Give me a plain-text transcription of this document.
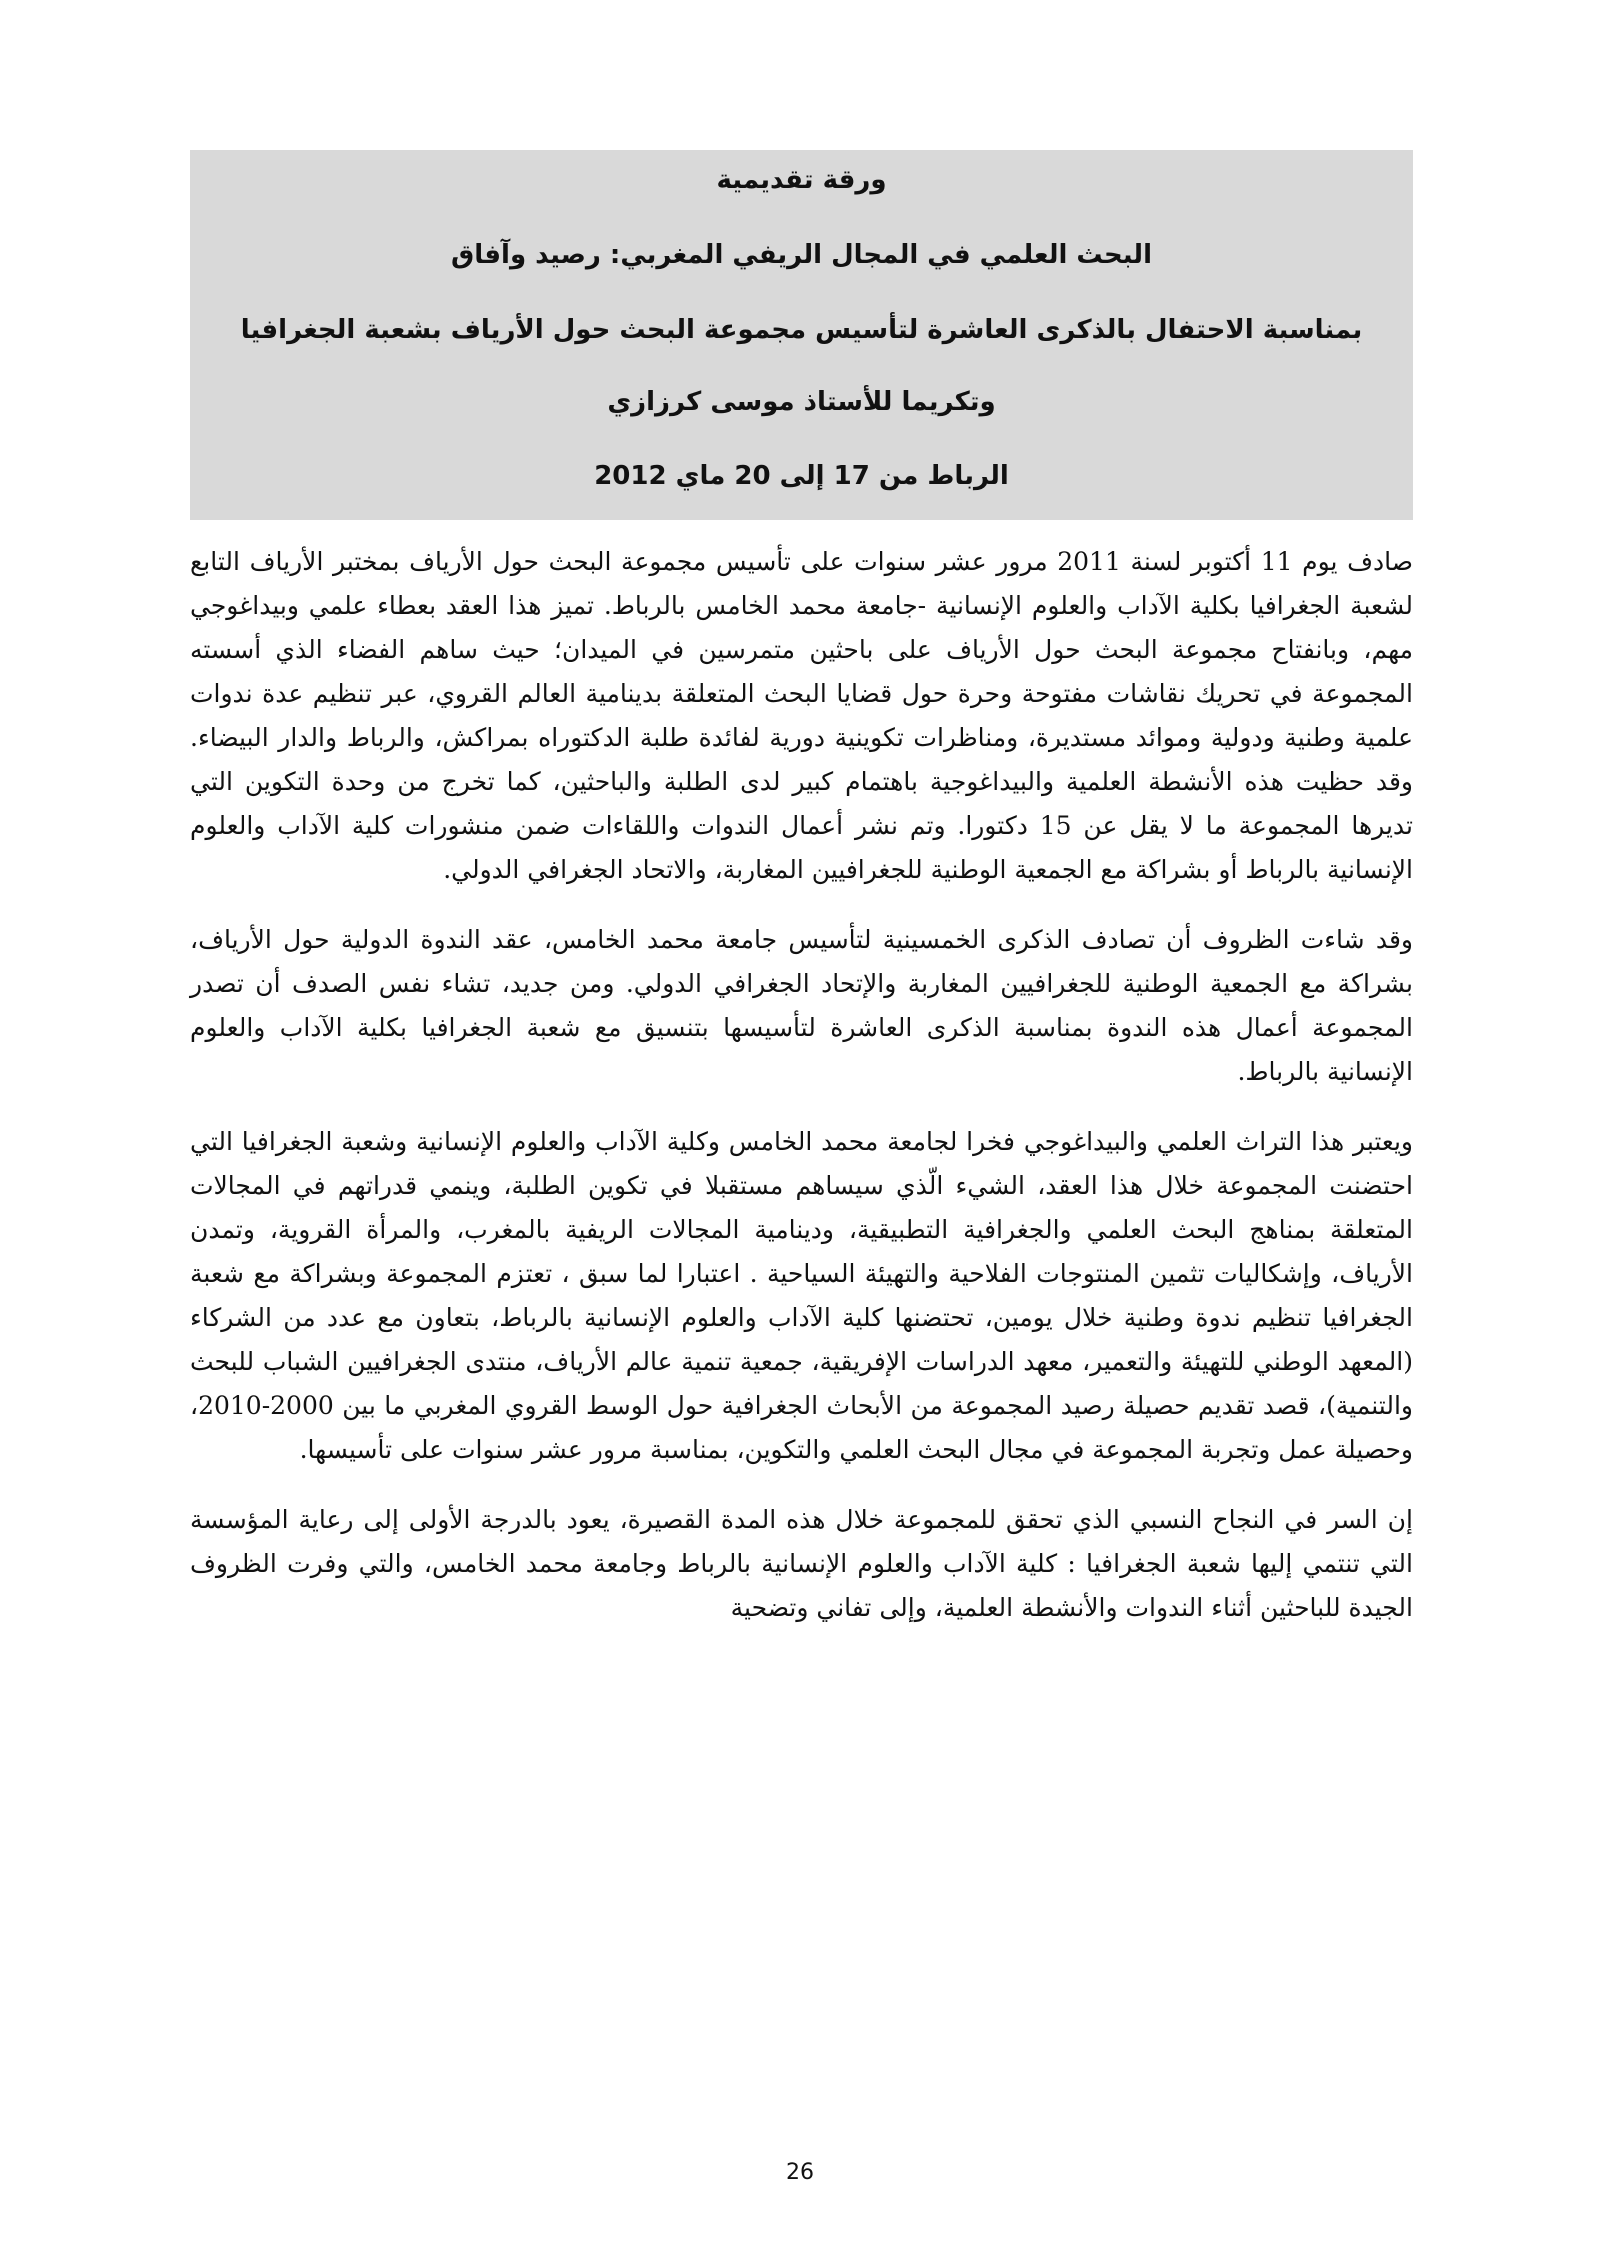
ورقة تقديمية
البحث العلمي في المجال الريفي المغربي: رصيد وآفاق
بمناسبة الاحتفال بالذكرى العاشرة لتأسيس مجموعة البحث حول الأرياف بشعبة الجغرافيا
وتكريما للأستاذ موسى كرزازي
الرباط من 17 إلى 20 ماي 2012

صادف يوم 11 أكتوبر لسنة 2011 مرور عشر سنوات على تأسيس مجموعة البحث حول الأرياف بمختبر الأرياف التابع لشعبة الجغرافيا بكلية الآداب والعلوم الإنسانية -جامعة محمد الخامس بالرباط. تميز هذا العقد بعطاء علمي وبيداغوجي مهم، وبانفتاح مجموعة البحث حول الأرياف على باحثين متمرسين في الميدان؛ حيث ساهم الفضاء الذي أسسته المجموعة في تحريك نقاشات مفتوحة وحرة حول قضايا البحث المتعلقة بدينامية العالم القروي، عبر تنظيم عدة ندوات علمية وطنية ودولية وموائد مستديرة، ومناظرات تكوينية دورية لفائدة طلبة الدكتوراه بمراكش، والرباط والدار البيضاء. وقد حظيت هذه الأنشطة العلمية والبيداغوجية باهتمام كبير لدى الطلبة والباحثين، كما تخرج من وحدة التكوين التي تديرها المجموعة ما لا يقل عن 15 دكتورا. وتم نشر أعمال الندوات واللقاءات ضمن منشورات كلية الآداب والعلوم الإنسانية بالرباط أو بشراكة مع الجمعية الوطنية للجغرافيين المغاربة، والاتحاد الجغرافي الدولي.

وقد شاءت الظروف أن تصادف الذكرى الخمسينية لتأسيس جامعة محمد الخامس، عقد الندوة الدولية حول الأرياف، بشراكة مع الجمعية الوطنية للجغرافيين المغاربة والإتحاد الجغرافي الدولي. ومن جديد، تشاء نفس الصدف أن تصدر المجموعة أعمال هذه الندوة بمناسبة الذكرى العاشرة لتأسيسها بتنسيق مع شعبة الجغرافيا بكلية الآداب والعلوم الإنسانية بالرباط.

ويعتبر هذا التراث العلمي والبيداغوجي فخرا لجامعة محمد الخامس وكلية الآداب والعلوم الإنسانية وشعبة الجغرافيا التي احتضنت المجموعة خلال هذا العقد، الشيء الّذي سيساهم مستقبلا في تكوين الطلبة، وينمي قدراتهم في المجالات المتعلقة بمناهج البحث العلمي والجغرافية التطبيقية، ودينامية المجالات الريفية بالمغرب، والمرأة القروية، وتمدن الأرياف، وإشكاليات تثمين المنتوجات الفلاحية والتهيئة السياحية . اعتبارا لما سبق ، تعتزم المجموعة وبشراكة مع شعبة الجغرافيا تنظيم ندوة وطنية خلال يومين، تحتضنها كلية الآداب والعلوم الإنسانية بالرباط، بتعاون مع عدد من الشركاء (المعهد الوطني للتهيئة والتعمير، معهد الدراسات الإفريقية، جمعية تنمية عالم الأرياف، منتدى الجغرافيين الشباب للبحث والتنمية)، قصد تقديم حصيلة رصيد المجموعة من الأبحاث الجغرافية حول الوسط القروي المغربي ما بين 2000-2010، وحصيلة عمل وتجربة المجموعة في مجال البحث العلمي والتكوين، بمناسبة مرور عشر سنوات على تأسيسها.

إن السر في النجاح النسبي الذي تحقق للمجموعة خلال هذه المدة القصيرة، يعود بالدرجة الأولى إلى رعاية المؤسسة التي تنتمي إليها شعبة الجغرافيا : كلية الآداب والعلوم الإنسانية بالرباط وجامعة محمد الخامس، والتي وفرت الظروف الجيدة للباحثين أثناء الندوات والأنشطة العلمية، وإلى تفاني وتضحية

26
